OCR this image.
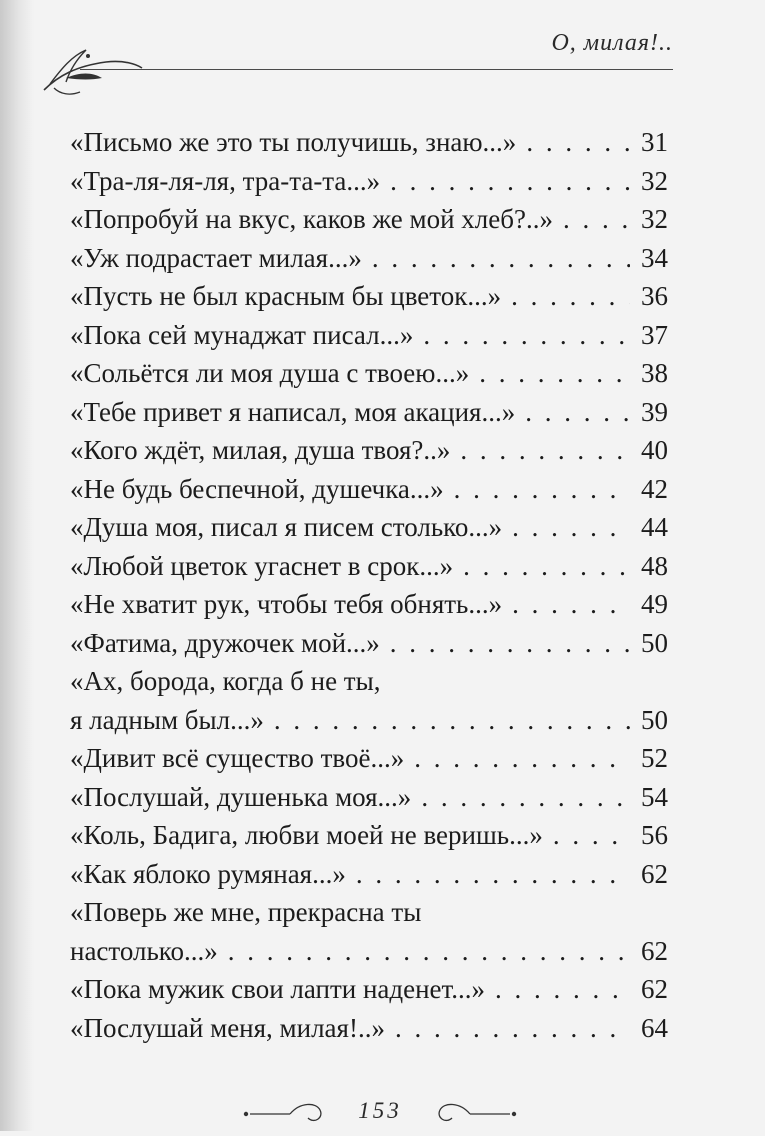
О, милая!..
«Письмо же это ты получишь, знаю...» . . .	31
«Тра-ля-ля-ля, тра-та-та...» . . .	32
«Попробуй на вкус, каков же мой хлеб?..» . . .	32
«Уж подрастает милая...» . . .	34
«Пусть не был красным бы цветок...» . . .	36
«Пока сей мунаджат писал...» . . .	37
«Сольётся ли моя душа с твоею...» . . .	38
«Тебе привет я написал, моя акация...» . . .	39
«Кого ждёт, милая, душа твоя?..» . . .	40
«Не будь беспечной, душечка...» . . .	42
«Душа моя, писал я писем столько...» . . .	44
«Любой цветок угаснет в срок...» . . .	48
«Не хватит рук, чтобы тебя обнять...» . . .	49
«Фатима, дружочек мой...» . . .	50
«Ах, борода, когда б не ты,
я ладным был...» . . .	50
«Дивит всё существо твоё...» . . .	52
«Послушай, душенька моя...» . . .	54
«Коль, Бадига, любви моей не веришь...» . . .	56
«Как яблоко румяная...» . . .	62
«Поверь же мне, прекрасна ты
настолько...» . . .	62
«Пока мужик свои лапти наденет...» . . .	62
«Послушай меня, милая!..» . . .	64
153
